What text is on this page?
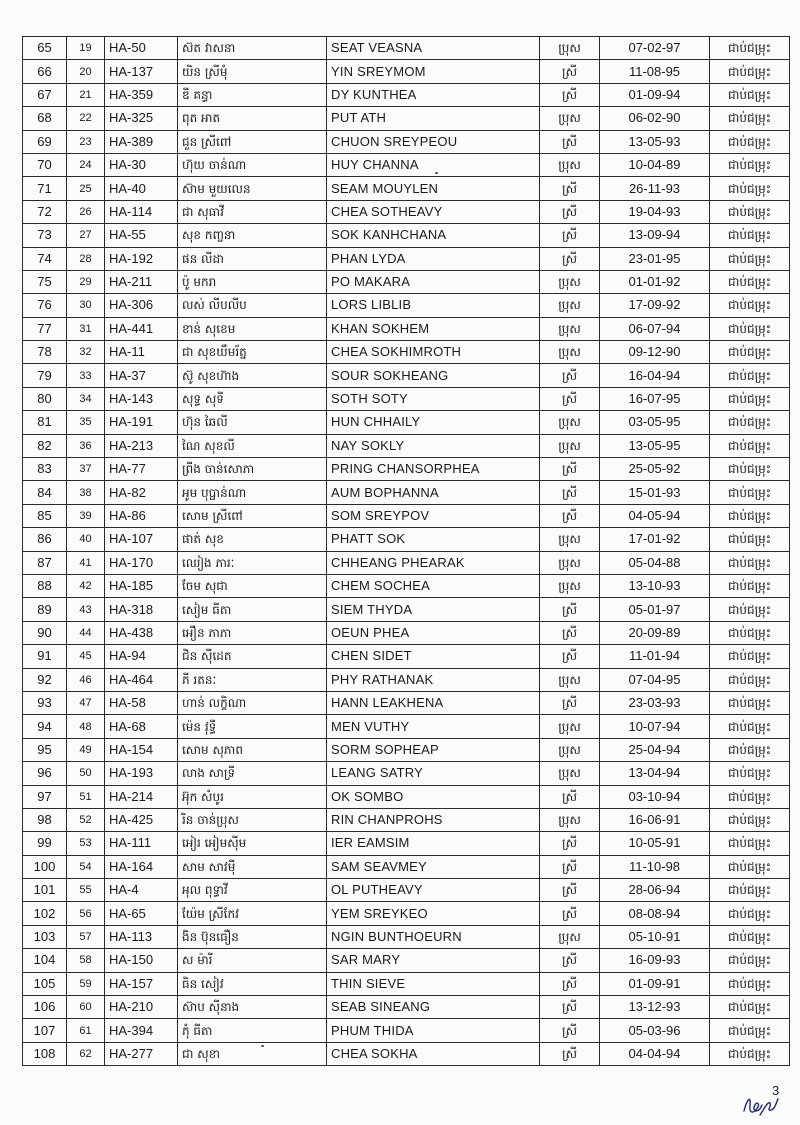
65	19	HA-50	ស៊ត វាសនា	SEAT VEASNA	ប្រុស	07-02-97	ជាប់ជម្រុះ
66	20	HA-137	យិន ស្រីមុំ	YIN SREYMOM	ស្រី	11-08-95	ជាប់ជម្រុះ
67	21	HA-359	ឌី គន្ធា	DY KUNTHEA	ស្រី	01-09-94	ជាប់ជម្រុះ
68	22	HA-325	ពុត អាត	PUT ATH	ប្រុស	06-02-90	ជាប់ជម្រុះ
69	23	HA-389	ជួន ស្រីពៅ	CHUON SREYPEOU	ស្រី	13-05-93	ជាប់ជម្រុះ
70	24	HA-30	ហ៊ុយ ចាន់ណា	HUY CHANNA	ប្រុស	10-04-89	ជាប់ជម្រុះ
71	25	HA-40	ស៊ាម មួយលេន	SEAM MOUYLEN	ស្រី	26-11-93	ជាប់ជម្រុះ
72	26	HA-114	ជា សុធាវី	CHEA SOTHEAVY	ស្រី	19-04-93	ជាប់ជម្រុះ
73	27	HA-55	សុខ កញ្ចនា	SOK KANHCHANA	ស្រី	13-09-94	ជាប់ជម្រុះ
74	28	HA-192	ផន លីដា	PHAN LYDA	ស្រី	23-01-95	ជាប់ជម្រុះ
75	29	HA-211	ប៉ូ មករា	PO MAKARA	ប្រុស	01-01-92	ជាប់ជម្រុះ
76	30	HA-306	លស់ លីបលីប	LORS LIBLIB	ប្រុស	17-09-92	ជាប់ជម្រុះ
77	31	HA-441	ខាន់ សុខេម	KHAN SOKHEM	ប្រុស	06-07-94	ជាប់ជម្រុះ
78	32	HA-11	ជា សុខឃឹមរ័ត្ន	CHEA SOKHIMROTH	ប្រុស	09-12-90	ជាប់ជម្រុះ
79	33	HA-37	ស៊ូ សុខហ៊ាង	SOUR SOKHEANG	ស្រី	16-04-94	ជាប់ជម្រុះ
80	34	HA-143	សុទ្ធ សុទី	SOTH SOTY	ស្រី	16-07-95	ជាប់ជម្រុះ
81	35	HA-191	ហ៊ុន ឆៃលី	HUN CHHAILY	ប្រុស	03-05-95	ជាប់ជម្រុះ
82	36	HA-213	ណៃ សុខលី	NAY SOKLY	ប្រុស	13-05-95	ជាប់ជម្រុះ
83	37	HA-77	ព្រីង ចាន់សោភា	PRING CHANSORPHEA	ស្រី	25-05-92	ជាប់ជម្រុះ
84	38	HA-82	អូម បុប្ផាន់ណា	AUM BOPHANNA	ស្រី	15-01-93	ជាប់ជម្រុះ
85	39	HA-86	សោម ស្រីពៅ	SOM SREYPOV	ស្រី	04-05-94	ជាប់ជម្រុះ
86	40	HA-107	ផាត់ សុខ	PHATT SOK	ប្រុស	17-01-92	ជាប់ជម្រុះ
87	41	HA-170	ឈៀង ភារៈ	CHHEANG PHEARAK	ប្រុស	05-04-88	ជាប់ជម្រុះ
88	42	HA-185	ចែម សុជា	CHEM SOCHEA	ប្រុស	13-10-93	ជាប់ជម្រុះ
89	43	HA-318	សៀម ធីតា	SIEM THYDA	ស្រី	05-01-97	ជាប់ជម្រុះ
90	44	HA-438	អឿន ភាភា	OEUN PHEA	ស្រី	20-09-89	ជាប់ជម្រុះ
91	45	HA-94	ជិន ស៊ីដេត	CHEN SIDET	ស្រី	11-01-94	ជាប់ជម្រុះ
92	46	HA-464	ភី រតនៈ	PHY RATHANAK	ប្រុស	07-04-95	ជាប់ជម្រុះ
93	47	HA-58	ហាន់ លក្ខិណា	HANN LEAKHENA	ស្រី	23-03-93	ជាប់ជម្រុះ
94	48	HA-68	ម៉េន វុទ្ធី	MEN VUTHY	ប្រុស	10-07-94	ជាប់ជម្រុះ
95	49	HA-154	សោម សុភាព	SORM SOPHEAP	ប្រុស	25-04-94	ជាប់ជម្រុះ
96	50	HA-193	លាង សាទ្រី	LEANG SATRY	ប្រុស	13-04-94	ជាប់ជម្រុះ
97	51	HA-214	អ៊ុក សំបូរ	OK SOMBO	ស្រី	03-10-94	ជាប់ជម្រុះ
98	52	HA-425	រិន ចាន់ប្រុស	RIN CHANPROHS	ប្រុស	16-06-91	ជាប់ជម្រុះ
99	53	HA-111	អៀរ អៀមស៊ីម	IER EAMSIM	ស្រី	10-05-91	ជាប់ជម្រុះ
100	54	HA-164	សាម សាវម៉ី	SAM SEAVMEY	ស្រី	11-10-98	ជាប់ជម្រុះ
101	55	HA-4	អុល ពុទ្ធាវី	OL PUTHEAVY	ស្រី	28-06-94	ជាប់ជម្រុះ
102	56	HA-65	យ៉ែម ស្រីកែវ	YEM SREYKEO	ស្រី	08-08-94	ជាប់ជម្រុះ
103	57	HA-113	ងិន ប៊ុនធឿន	NGIN BUNTHOEURN	ប្រុស	05-10-91	ជាប់ជម្រុះ
104	58	HA-150	ស ម៉ារី	SAR MARY	ស្រី	16-09-93	ជាប់ជម្រុះ
105	59	HA-157	ធិន សៀវ	THIN SIEVE	ស្រី	01-09-91	ជាប់ជម្រុះ
106	60	HA-210	ស៊ាប ស៊ីនាង	SEAB SINEANG	ស្រី	13-12-93	ជាប់ជម្រុះ
107	61	HA-394	ភុំ ធីតា	PHUM THIDA	ស្រី	05-03-96	ជាប់ជម្រុះ
108	62	HA-277	ជា សុខា	CHEA SOKHA	ស្រី	04-04-94	ជាប់ជម្រុះ
3
